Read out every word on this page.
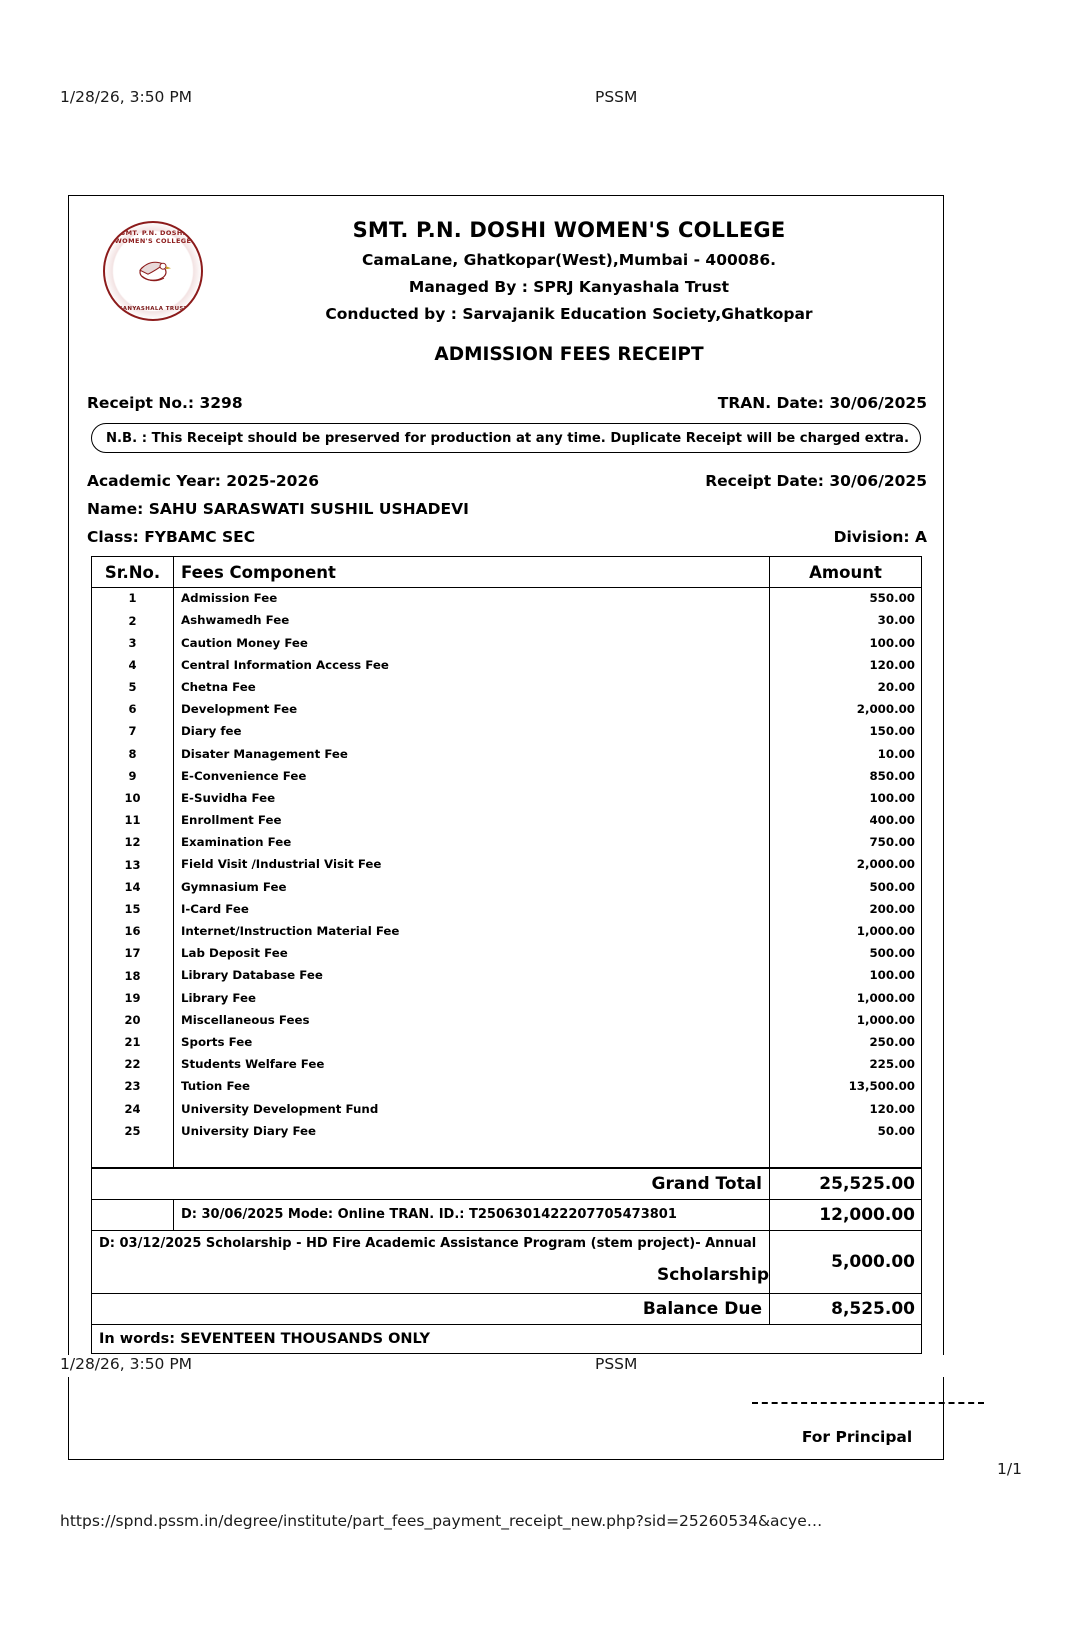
1/28/26, 3:50 PM	PSSM
SMT. P.N. DOSHI WOMEN'S COLLEGE
KANYASHALA TRUST
SMT. P.N. DOSHI WOMEN'S COLLEGE
CamaLane, Ghatkopar(West),Mumbai - 400086.
Managed By : SPRJ Kanyashala Trust
Conducted by : Sarvajanik Education Society,Ghatkopar
ADMISSION FEES RECEIPT
Receipt No.: 3298	TRAN. Date: 30/06/2025
N.B. : This Receipt should be preserved for production at any time. Duplicate Receipt will be charged extra.
Academic Year: 2025-2026	Receipt Date: 30/06/2025
Name: SAHU SARASWATI SUSHIL USHADEVI
Class: FYBAMC SEC	Division: A
Sr.No.	Fees Component	Amount
1	Admission Fee	550.00
2	Ashwamedh Fee	30.00
3	Caution Money Fee	100.00
4	Central Information Access Fee	120.00
5	Chetna Fee	20.00
6	Development Fee	2,000.00
7	Diary fee	150.00
8	Disater Management Fee	10.00
9	E-Convenience Fee	850.00
10	E-Suvidha Fee	100.00
11	Enrollment Fee	400.00
12	Examination Fee	750.00
13	Field Visit /Industrial Visit Fee	2,000.00
14	Gymnasium Fee	500.00
15	I-Card Fee	200.00
16	Internet/Instruction Material Fee	1,000.00
17	Lab Deposit Fee	500.00
18	Library Database Fee	100.00
19	Library Fee	1,000.00
20	Miscellaneous Fees	1,000.00
21	Sports Fee	250.00
22	Students Welfare Fee	225.00
23	Tution Fee	13,500.00
24	University Development Fund	120.00
25	University Diary Fee	50.00

Grand Total		25,525.00
	D: 30/06/2025 Mode: Online TRAN. ID.: T2506301422207705473801	12,000.00

D: 03/12/2025 Scholarship - HD Fire Academic Assistance Program (stem project)- Annual
Scholarship		5,000.00
Balance Due		8,525.00
In words: SEVENTEEN THOUSANDS ONLY		
1/28/26, 3:50 PM	PSSM
For Principal
1/1
https://spnd.pssm.in/degree/institute/part_fees_payment_receipt_new.php?sid=25260534&acye…
